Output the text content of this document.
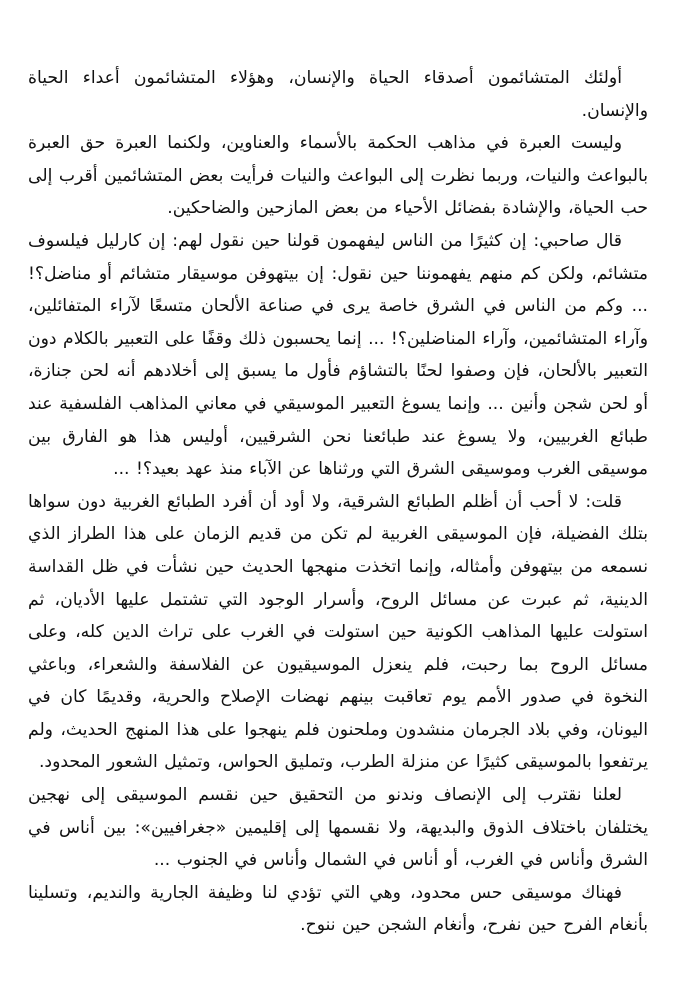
أولئك المتشائمون أصدقاء الحياة والإنسان، وهؤلاء المتشائمون أعداء الحياة والإنسان.

وليست العبرة في مذاهب الحكمة بالأسماء والعناوين، ولكنما العبرة حق العبرة بالبواعث والنيات، وربما نظرت إلى البواعث والنيات فرأيت بعض المتشائمين أقرب إلى حب الحياة، والإشادة بفضائل الأحياء من بعض المازحين والضاحكين.

قال صاحبي: إن كثيرًا من الناس ليفهمون قولنا حين نقول لهم: إن كارليل فيلسوف متشائم، ولكن كم منهم يفهموننا حين نقول: إن بيتهوفن موسيقار متشائم أو مناضل؟! ... وكم من الناس في الشرق خاصة يرى في صناعة الألحان متسعًا لآراء المتفائلين، وآراء المتشائمين، وآراء المناضلين؟! ... إنما يحسبون ذلك وقفًا على التعبير بالكلام دون التعبير بالألحان، فإن وصفوا لحنًا بالتشاؤم فأول ما يسبق إلى أخلادهم أنه لحن جنازة، أو لحن شجن وأنين ... وإنما يسوغ التعبير الموسيقي في معاني المذاهب الفلسفية عند طبائع الغربيين، ولا يسوغ عند طبائعنا نحن الشرقيين، أوليس هذا هو الفارق بين موسيقى الغرب وموسيقى الشرق التي ورثناها عن الآباء منذ عهد بعيد؟! ...

قلت: لا أحب أن أظلم الطبائع الشرقية، ولا أود أن أفرد الطبائع الغربية دون سواها بتلك الفضيلة، فإن الموسيقى الغربية لم تكن من قديم الزمان على هذا الطراز الذي نسمعه من بيتهوفن وأمثاله، وإنما اتخذت منهجها الحديث حين نشأت في ظل القداسة الدينية، ثم عبرت عن مسائل الروح، وأسرار الوجود التي تشتمل عليها الأديان، ثم استولت عليها المذاهب الكونية حين استولت في الغرب على تراث الدين كله، وعلى مسائل الروح بما رحبت، فلم ينعزل الموسيقيون عن الفلاسفة والشعراء، وباعثي النخوة في صدور الأمم يوم تعاقبت بينهم نهضات الإصلاح والحرية، وقديمًا كان في اليونان، وفي بلاد الجرمان منشدون وملحنون فلم ينهجوا على هذا المنهج الحديث، ولم يرتفعوا بالموسيقى كثيرًا عن منزلة الطرب، وتمليق الحواس، وتمثيل الشعور المحدود.

لعلنا نقترب إلى الإنصاف وندنو من التحقيق حين نقسم الموسيقى إلى نهجين يختلفان باختلاف الذوق والبديهة، ولا نقسمها إلى إقليمين «جغرافيين»: بين أناس في الشرق وأناس في الغرب، أو أناس في الشمال وأناس في الجنوب ...

فهناك موسيقى حس محدود، وهي التي تؤدي لنا وظيفة الجارية والنديم، وتسلينا بأنغام الفرح حين نفرح، وأنغام الشجن حين ننوح.
